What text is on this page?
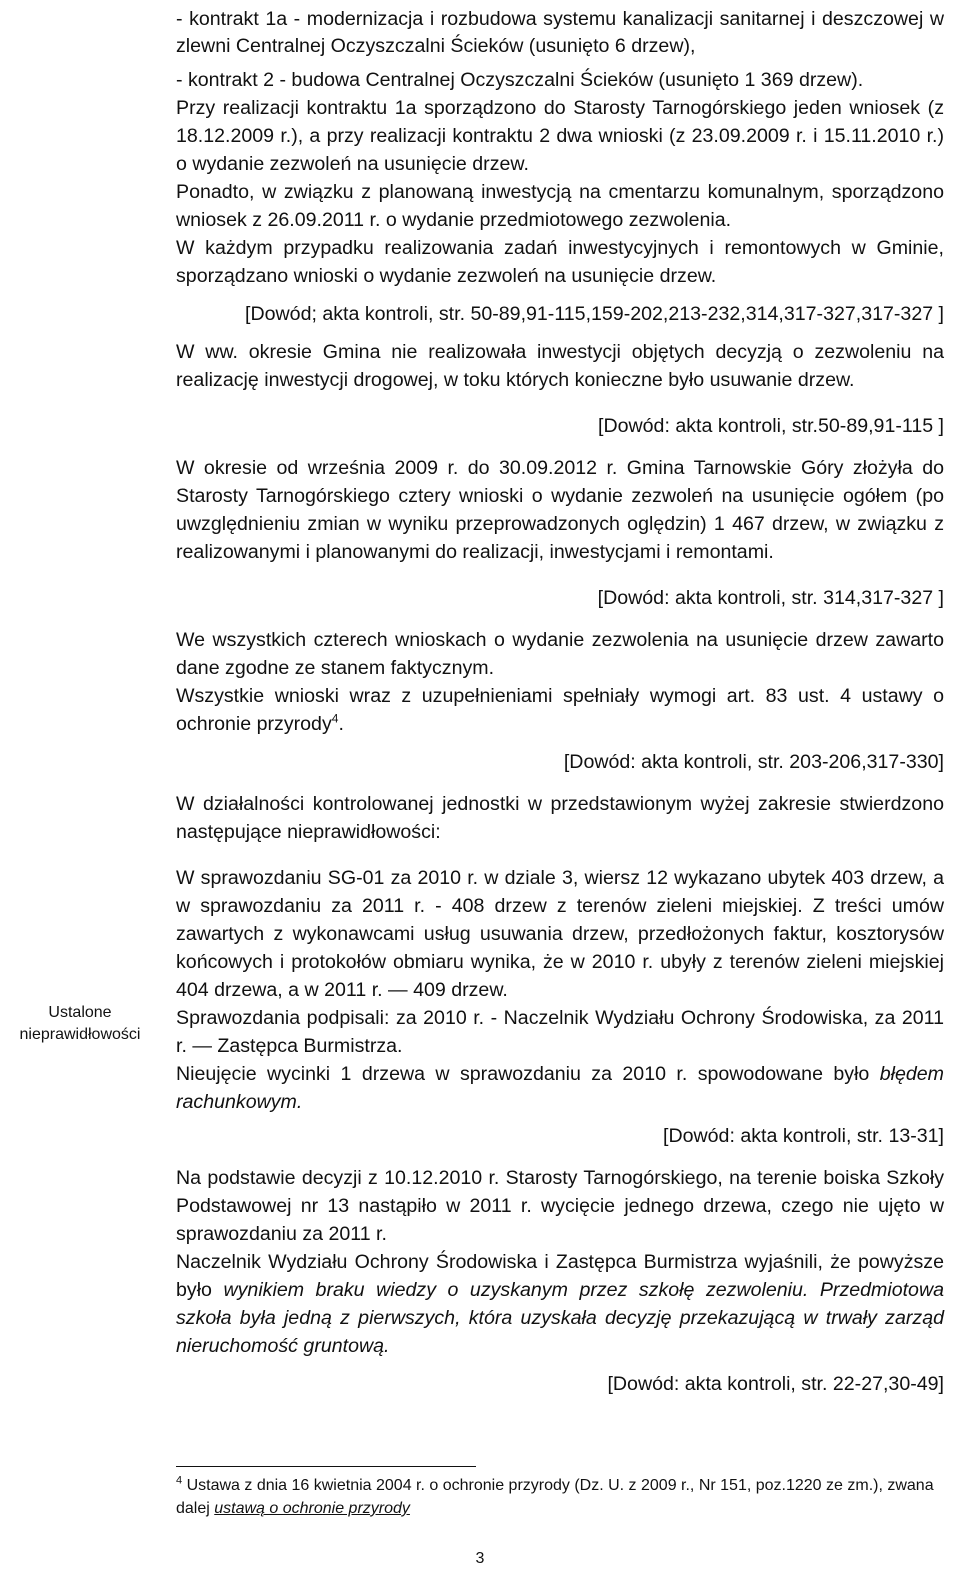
Ustalone
nieprawidłowości

- kontrakt 1a - modernizacja i rozbudowa systemu kanalizacji sanitarnej i deszczowej w zlewni Centralnej Oczyszczalni Ścieków (usunięto 6 drzew),

- kontrakt 2 - budowa Centralnej Oczyszczalni Ścieków (usunięto 1 369 drzew).

Przy realizacji kontraktu 1a sporządzono do Starosty Tarnogórskiego jeden wniosek (z 18.12.2009 r.), a przy realizacji kontraktu 2 dwa wnioski (z 23.09.2009 r. i 15.11.2010 r.) o wydanie zezwoleń na usunięcie drzew.

Ponadto, w związku z planowaną inwestycją na cmentarzu komunalnym, sporządzono wniosek z 26.09.2011 r. o wydanie przedmiotowego zezwolenia.

W każdym przypadku realizowania zadań inwestycyjnych i remontowych w Gminie, sporządzano wnioski o wydanie zezwoleń na usunięcie drzew.

[Dowód; akta kontroli, str. 50-89,91-115,159-202,213-232,314,317-327,317-327 ]

W ww. okresie Gmina nie realizowała inwestycji objętych decyzją o zezwoleniu na realizację inwestycji drogowej, w toku których konieczne było usuwanie drzew.

[Dowód: akta kontroli, str.50-89,91-115 ]

W okresie od września 2009 r. do 30.09.2012 r. Gmina Tarnowskie Góry złożyła do Starosty Tarnogórskiego cztery wnioski o wydanie zezwoleń na usunięcie ogółem (po uwzględnieniu zmian w wyniku przeprowadzonych oględzin) 1 467 drzew, w związku z realizowanymi i planowanymi do realizacji, inwestycjami i remontami.

[Dowód: akta kontroli, str. 314,317-327 ]

We wszystkich czterech wnioskach o wydanie zezwolenia na usunięcie drzew zawarto dane zgodne ze stanem faktycznym.

Wszystkie wnioski wraz z uzupełnieniami spełniały wymogi art. 83 ust. 4 ustawy o ochronie przyrody$^4$.

[Dowód: akta kontroli, str. 203-206,317-330]

W działalności kontrolowanej jednostki w przedstawionym wyżej zakresie stwierdzono następujące nieprawidłowości:

W sprawozdaniu SG-01 za 2010 r. w dziale 3, wiersz 12 wykazano ubytek 403 drzew, a w sprawozdaniu za 2011 r. - 408 drzew z terenów zieleni miejskiej. Z treści umów zawartych z wykonawcami usług usuwania drzew, przedłożonych faktur, kosztorysów końcowych i protokołów obmiaru wynika, że w 2010 r. ubyły z terenów zieleni miejskiej 404 drzewa, a w 2011 r. — 409 drzew.

Sprawozdania podpisali: za 2010 r. - Naczelnik Wydziału Ochrony Środowiska, za 2011 r. — Zastępca Burmistrza.

Nieujęcie wycinki 1 drzewa w sprawozdaniu za 2010 r. spowodowane było błędem rachunkowym.

[Dowód: akta kontroli, str. 13-31]

Na podstawie decyzji z 10.12.2010 r. Starosty Tarnogórskiego, na terenie boiska Szkoły Podstawowej nr 13 nastąpiło w 2011 r. wycięcie jednego drzewa, czego nie ujęto w sprawozdaniu za 2011 r.

Naczelnik Wydziału Ochrony Środowiska i Zastępca Burmistrza wyjaśnili, że powyższe było wynikiem braku wiedzy o uzyskanym przez szkołę zezwoleniu. Przedmiotowa szkoła była jedną z pierwszych, która uzyskała decyzję przekazującą w trwały zarząd nieruchomość gruntową.

[Dowód: akta kontroli, str. 22-27,30-49]

$^4$ Ustawa z dnia 16 kwietnia 2004 r. o ochronie przyrody (Dz. U. z 2009 r., Nr 151, poz.1220 ze zm.), zwana dalej ustawą o ochronie przyrody
3
